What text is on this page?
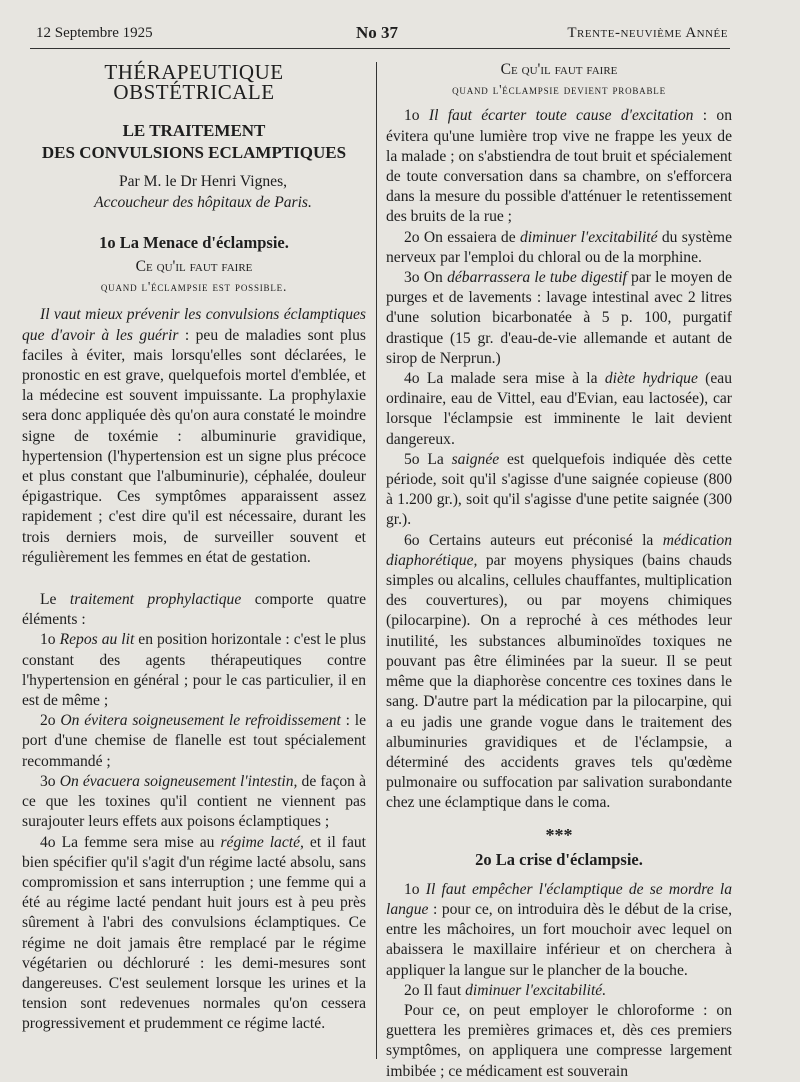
12 Septembre 1925	No 37	Trente-neuvième Année
THÉRAPEUTIQUE OBSTÉTRICALE
LE TRAITEMENT
DES CONVULSIONS ECLAMPTIQUES

Par M. le Dr Henri Vignes,

Accoucheur des hôpitaux de Paris.

1o La Menace d'éclampsie.
Ce qu'il faut faire
quand l'éclampsie est possible.

Il vaut mieux prévenir les convulsions éclamptiques que d'avoir à les guérir : peu de maladies sont plus faciles à éviter, mais lorsqu'elles sont déclarées, le pronostic en est grave, quelquefois mortel d'emblée, et la médecine est souvent impuissante. La prophylaxie sera donc appliquée dès qu'on aura constaté le moindre signe de toxémie : albuminurie gravidique, hypertension (l'hypertension est un signe plus précoce et plus constant que l'albuminurie), céphalée, douleur épigastrique. Ces symptômes apparaissent assez rapidement ; c'est dire qu'il est nécessaire, durant les trois derniers mois, de surveiller souvent et régulièrement les femmes en état de gestation.

Le traitement prophylactique comporte quatre éléments :

1o Repos au lit en position horizontale : c'est le plus constant des agents thérapeutiques contre l'hypertension en général ; pour le cas particulier, il en est de même ;

2o On évitera soigneusement le refroidissement : le port d'une chemise de flanelle est tout spécialement recommandé ;

3o On évacuera soigneusement l'intestin, de façon à ce que les toxines qu'il contient ne viennent pas surajouter leurs effets aux poisons éclamptiques ;

4o La femme sera mise au régime lacté, et il faut bien spécifier qu'il s'agit d'un régime lacté absolu, sans compromission et sans interruption ; une femme qui a été au régime lacté pendant huit jours est à peu près sûrement à l'abri des convulsions éclamptiques. Ce régime ne doit jamais être remplacé par le régime végétarien ou déchloruré : les demi-mesures sont dangereuses. C'est seulement lorsque les urines et la tension sont redevenues normales qu'on cessera progressivement et prudemment ce régime lacté.

Ce qu'il faut faire
quand l'éclampsie devient probable

1o Il faut écarter toute cause d'excitation : on évitera qu'une lumière trop vive ne frappe les yeux de la malade ; on s'abstiendra de tout bruit et spécialement de toute conversation dans sa chambre, on s'efforcera dans la mesure du possible d'atténuer le retentissement des bruits de la rue ;

2o On essaiera de diminuer l'excitabilité du système nerveux par l'emploi du chloral ou de la morphine.

3o On débarrassera le tube digestif par le moyen de purges et de lavements : lavage intestinal avec 2 litres d'une solution bicarbonatée à 5 p. 100, purgatif drastique (15 gr. d'eau-de-vie allemande et autant de sirop de Nerprun.)

4o La malade sera mise à la diète hydrique (eau ordinaire, eau de Vittel, eau d'Evian, eau lactosée), car lorsque l'éclampsie est imminente le lait devient dangereux.

5o La saignée est quelquefois indiquée dès cette période, soit qu'il s'agisse d'une saignée copieuse (800 à 1.200 gr.), soit qu'il s'agisse d'une petite saignée (300 gr.).

6o Certains auteurs eut préconisé la médication diaphorétique, par moyens physiques (bains chauds simples ou alcalins, cellules chauffantes, multiplication des couvertures), ou par moyens chimiques (pilocarpine). On a reproché à ces méthodes leur inutilité, les substances albuminoïdes toxiques ne pouvant pas être éliminées par la sueur. Il se peut même que la diaphorèse concentre ces toxines dans le sang. D'autre part la médication par la pilocarpine, qui a eu jadis une grande vogue dans le traitement des albuminuries gravidiques et de l'éclampsie, a déterminé des accidents graves tels qu'œdème pulmonaire ou suffocation par salivation surabondante chez une éclamptique dans le coma.

***
2o La crise d'éclampsie.

1o Il faut empêcher l'éclamptique de se mordre la langue : pour ce, on introduira dès le début de la crise, entre les mâchoires, un fort mouchoir avec lequel on abaissera le maxillaire inférieur et on cherchera à appliquer la langue sur le plancher de la bouche.

2o Il faut diminuer l'excitabilité.

Pour ce, on peut employer le chloroforme : on guettera les premières grimaces et, dès ces premiers symptômes, on appliquera une compresse largement imbibée ; ce médicament est souverain
